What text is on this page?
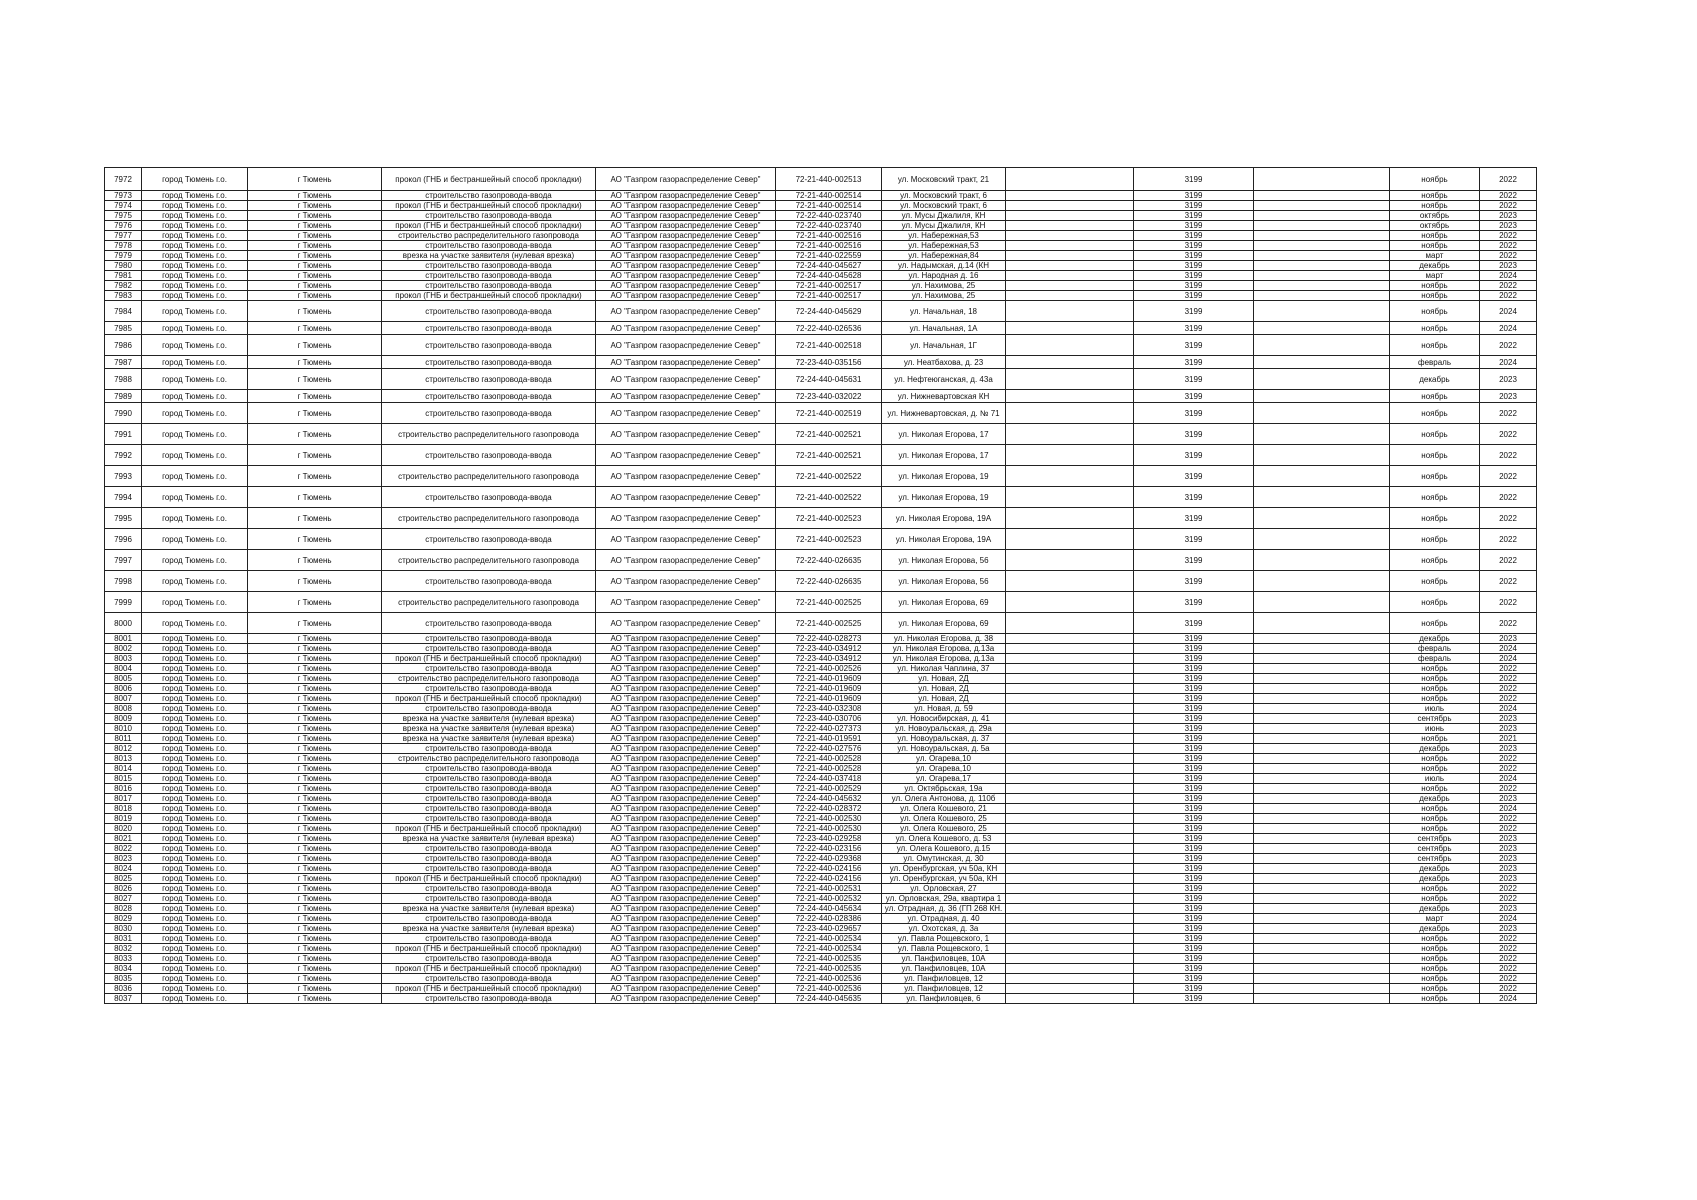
7972	город Тюмень г.о.	г Тюмень	прокол (ГНБ и бестраншейный способ прокладки)	АО "Газпром газораспределение Север"	72-21-440-002513	ул. Московский тракт, 21		3199		ноябрь	2022
7973	город Тюмень г.о.	г Тюмень	строительство газопровода-ввода	АО "Газпром газораспределение Север"	72-21-440-002514	ул. Московский тракт, 6		3199		ноябрь	2022
7974	город Тюмень г.о.	г Тюмень	прокол (ГНБ и бестраншейный способ прокладки)	АО "Газпром газораспределение Север"	72-21-440-002514	ул. Московский тракт, 6		3199		ноябрь	2022
7975	город Тюмень г.о.	г Тюмень	строительство газопровода-ввода	АО "Газпром газораспределение Север"	72-22-440-023740	ул. Мусы Джалиля, КН		3199		октябрь	2023
7976	город Тюмень г.о.	г Тюмень	прокол (ГНБ и бестраншейный способ прокладки)	АО "Газпром газораспределение Север"	72-22-440-023740	ул. Мусы Джалиля, КН		3199		октябрь	2023
7977	город Тюмень г.о.	г Тюмень	строительство распределительного газопровода	АО "Газпром газораспределение Север"	72-21-440-002516	ул. Набережная,53		3199		ноябрь	2022
7978	город Тюмень г.о.	г Тюмень	строительство газопровода-ввода	АО "Газпром газораспределение Север"	72-21-440-002516	ул. Набережная,53		3199		ноябрь	2022
7979	город Тюмень г.о.	г Тюмень	врезка на участке заявителя (нулевая врезка)	АО "Газпром газораспределение Север"	72-21-440-022559	ул. Набережная,84		3199		март	2022
7980	город Тюмень г.о.	г Тюмень	строительство газопровода-ввода	АО "Газпром газораспределение Север"	72-24-440-045627	ул. Надымская, д.14 (КН		3199		декабрь	2023
7981	город Тюмень г.о.	г Тюмень	строительство газопровода-ввода	АО "Газпром газораспределение Север"	72-24-440-045628	ул. Народная д. 16		3199		март	2024
7982	город Тюмень г.о.	г Тюмень	строительство газопровода-ввода	АО "Газпром газораспределение Север"	72-21-440-002517	ул. Нахимова, 25		3199		ноябрь	2022
7983	город Тюмень г.о.	г Тюмень	прокол (ГНБ и бестраншейный способ прокладки)	АО "Газпром газораспределение Север"	72-21-440-002517	ул. Нахимова, 25		3199		ноябрь	2022
7984	город Тюмень г.о.	г Тюмень	строительство газопровода-ввода	АО "Газпром газораспределение Север"	72-24-440-045629	ул. Начальная, 18		3199		ноябрь	2024
7985	город Тюмень г.о.	г Тюмень	строительство газопровода-ввода	АО "Газпром газораспределение Север"	72-22-440-026536	ул. Начальная, 1А		3199		ноябрь	2024
7986	город Тюмень г.о.	г Тюмень	строительство газопровода-ввода	АО "Газпром газораспределение Север"	72-21-440-002518	ул. Начальная, 1Г		3199		ноябрь	2022
7987	город Тюмень г.о.	г Тюмень	строительство газопровода-ввода	АО "Газпром газораспределение Север"	72-23-440-035156	ул. Неатбахова, д. 23		3199		февраль	2024
7988	город Тюмень г.о.	г Тюмень	строительство газопровода-ввода	АО "Газпром газораспределение Север"	72-24-440-045631	ул. Нефтеюганская, д. 43а		3199		декабрь	2023
7989	город Тюмень г.о.	г Тюмень	строительство газопровода-ввода	АО "Газпром газораспределение Север"	72-23-440-032022	ул. Нижневартовская КН		3199		ноябрь	2023
7990	город Тюмень г.о.	г Тюмень	строительство газопровода-ввода	АО "Газпром газораспределение Север"	72-21-440-002519	ул. Нижневартовская, д. № 71		3199		ноябрь	2022
7991	город Тюмень г.о.	г Тюмень	строительство распределительного газопровода	АО "Газпром газораспределение Север"	72-21-440-002521	ул. Николая Егорова, 17		3199		ноябрь	2022
7992	город Тюмень г.о.	г Тюмень	строительство газопровода-ввода	АО "Газпром газораспределение Север"	72-21-440-002521	ул. Николая Егорова, 17		3199		ноябрь	2022
7993	город Тюмень г.о.	г Тюмень	строительство распределительного газопровода	АО "Газпром газораспределение Север"	72-21-440-002522	ул. Николая Егорова, 19		3199		ноябрь	2022
7994	город Тюмень г.о.	г Тюмень	строительство газопровода-ввода	АО "Газпром газораспределение Север"	72-21-440-002522	ул. Николая Егорова, 19		3199		ноябрь	2022
7995	город Тюмень г.о.	г Тюмень	строительство распределительного газопровода	АО "Газпром газораспределение Север"	72-21-440-002523	ул. Николая Егорова, 19А		3199		ноябрь	2022
7996	город Тюмень г.о.	г Тюмень	строительство газопровода-ввода	АО "Газпром газораспределение Север"	72-21-440-002523	ул. Николая Егорова, 19А		3199		ноябрь	2022
7997	город Тюмень г.о.	г Тюмень	строительство распределительного газопровода	АО "Газпром газораспределение Север"	72-22-440-026635	ул. Николая Егорова, 56		3199		ноябрь	2022
7998	город Тюмень г.о.	г Тюмень	строительство газопровода-ввода	АО "Газпром газораспределение Север"	72-22-440-026635	ул. Николая Егорова, 56		3199		ноябрь	2022
7999	город Тюмень г.о.	г Тюмень	строительство распределительного газопровода	АО "Газпром газораспределение Север"	72-21-440-002525	ул. Николая Егорова, 69		3199		ноябрь	2022
8000	город Тюмень г.о.	г Тюмень	строительство газопровода-ввода	АО "Газпром газораспределение Север"	72-21-440-002525	ул. Николая Егорова, 69		3199		ноябрь	2022
8001	город Тюмень г.о.	г Тюмень	строительство газопровода-ввода	АО "Газпром газораспределение Север"	72-22-440-028273	ул. Николая Егорова, д. 38		3199		декабрь	2023
8002	город Тюмень г.о.	г Тюмень	строительство газопровода-ввода	АО "Газпром газораспределение Север"	72-23-440-034912	ул. Николая Егорова, д.13а		3199		февраль	2024
8003	город Тюмень г.о.	г Тюмень	прокол (ГНБ и бестраншейный способ прокладки)	АО "Газпром газораспределение Север"	72-23-440-034912	ул. Николая Егорова, д.13а		3199		февраль	2024
8004	город Тюмень г.о.	г Тюмень	строительство газопровода-ввода	АО "Газпром газораспределение Север"	72-21-440-002526	ул. Николая Чаплина, 37		3199		ноябрь	2022
8005	город Тюмень г.о.	г Тюмень	строительство распределительного газопровода	АО "Газпром газораспределение Север"	72-21-440-019609	ул. Новая, 2Д		3199		ноябрь	2022
8006	город Тюмень г.о.	г Тюмень	строительство газопровода-ввода	АО "Газпром газораспределение Север"	72-21-440-019609	ул. Новая, 2Д		3199		ноябрь	2022
8007	город Тюмень г.о.	г Тюмень	прокол (ГНБ и бестраншейный способ прокладки)	АО "Газпром газораспределение Север"	72-21-440-019609	ул. Новая, 2Д		3199		ноябрь	2022
8008	город Тюмень г.о.	г Тюмень	строительство газопровода-ввода	АО "Газпром газораспределение Север"	72-23-440-032308	ул. Новая, д. 59		3199		июль	2024
8009	город Тюмень г.о.	г Тюмень	врезка на участке заявителя (нулевая врезка)	АО "Газпром газораспределение Север"	72-23-440-030706	ул. Новосибирская, д. 41		3199		сентябрь	2023
8010	город Тюмень г.о.	г Тюмень	врезка на участке заявителя (нулевая врезка)	АО "Газпром газораспределение Север"	72-22-440-027373	ул. Новоуральская, д. 29а		3199		июнь	2023
8011	город Тюмень г.о.	г Тюмень	врезка на участке заявителя (нулевая врезка)	АО "Газпром газораспределение Север"	72-21-440-019591	ул. Новоуральская, д. 37		3199		ноябрь	2021
8012	город Тюмень г.о.	г Тюмень	строительство газопровода-ввода	АО "Газпром газораспределение Север"	72-22-440-027576	ул. Новоуральская, д. 5а		3199		декабрь	2023
8013	город Тюмень г.о.	г Тюмень	строительство распределительного газопровода	АО "Газпром газораспределение Север"	72-21-440-002528	ул. Огарева,10		3199		ноябрь	2022
8014	город Тюмень г.о.	г Тюмень	строительство газопровода-ввода	АО "Газпром газораспределение Север"	72-21-440-002528	ул. Огарева,10		3199		ноябрь	2022
8015	город Тюмень г.о.	г Тюмень	строительство газопровода-ввода	АО "Газпром газораспределение Север"	72-24-440-037418	ул. Огарева,17		3199		июль	2024
8016	город Тюмень г.о.	г Тюмень	строительство газопровода-ввода	АО "Газпром газораспределение Север"	72-21-440-002529	ул. Октябрьская, 19а		3199		ноябрь	2022
8017	город Тюмень г.о.	г Тюмень	строительство газопровода-ввода	АО "Газпром газораспределение Север"	72-24-440-045632	ул. Олега Антонова, д. 110б		3199		декабрь	2023
8018	город Тюмень г.о.	г Тюмень	строительство газопровода-ввода	АО "Газпром газораспределение Север"	72-22-440-028372	ул. Олега Кошевого, 21		3199		ноябрь	2024
8019	город Тюмень г.о.	г Тюмень	строительство газопровода-ввода	АО "Газпром газораспределение Север"	72-21-440-002530	ул. Олега Кошевого, 25		3199		ноябрь	2022
8020	город Тюмень г.о.	г Тюмень	прокол (ГНБ и бестраншейный способ прокладки)	АО "Газпром газораспределение Север"	72-21-440-002530	ул. Олега Кошевого, 25		3199		ноябрь	2022
8021	город Тюмень г.о.	г Тюмень	врезка на участке заявителя (нулевая врезка)	АО "Газпром газораспределение Север"	72-23-440-029258	ул. Олега Кошевого, д. 53		3199		сентябрь	2023
8022	город Тюмень г.о.	г Тюмень	строительство газопровода-ввода	АО "Газпром газораспределение Север"	72-22-440-023156	ул. Олега Кошевого, д.15		3199		сентябрь	2023
8023	город Тюмень г.о.	г Тюмень	строительство газопровода-ввода	АО "Газпром газораспределение Север"	72-22-440-029368	ул. Омутинская, д. 30		3199		сентябрь	2023
8024	город Тюмень г.о.	г Тюмень	строительство газопровода-ввода	АО "Газпром газораспределение Север"	72-22-440-024156	ул. Оренбургская, уч 50а, КН		3199		декабрь	2023
8025	город Тюмень г.о.	г Тюмень	прокол (ГНБ и бестраншейный способ прокладки)	АО "Газпром газораспределение Север"	72-22-440-024156	ул. Оренбургская, уч 50а, КН		3199		декабрь	2023
8026	город Тюмень г.о.	г Тюмень	строительство газопровода-ввода	АО "Газпром газораспределение Север"	72-21-440-002531	ул. Орловская, 27		3199		ноябрь	2022
8027	город Тюмень г.о.	г Тюмень	строительство газопровода-ввода	АО "Газпром газораспределение Север"	72-21-440-002532	ул. Орловская, 29а, квартира 1		3199		ноябрь	2022
8028	город Тюмень г.о.	г Тюмень	врезка на участке заявителя (нулевая врезка)	АО "Газпром газораспределение Север"	72-24-440-045634	ул. Отрадная, д. 36 (ГП 268 КН.		3199		декабрь	2023
8029	город Тюмень г.о.	г Тюмень	строительство газопровода-ввода	АО "Газпром газораспределение Север"	72-22-440-028386	ул. Отрадная, д. 40		3199		март	2024
8030	город Тюмень г.о.	г Тюмень	врезка на участке заявителя (нулевая врезка)	АО "Газпром газораспределение Север"	72-23-440-029657	ул. Охотская, д. 3а		3199		декабрь	2023
8031	город Тюмень г.о.	г Тюмень	строительство газопровода-ввода	АО "Газпром газораспределение Север"	72-21-440-002534	ул. Павла Рощевского, 1		3199		ноябрь	2022
8032	город Тюмень г.о.	г Тюмень	прокол (ГНБ и бестраншейный способ прокладки)	АО "Газпром газораспределение Север"	72-21-440-002534	ул. Павла Рощевского, 1		3199		ноябрь	2022
8033	город Тюмень г.о.	г Тюмень	строительство газопровода-ввода	АО "Газпром газораспределение Север"	72-21-440-002535	ул. Панфиловцев, 10А		3199		ноябрь	2022
8034	город Тюмень г.о.	г Тюмень	прокол (ГНБ и бестраншейный способ прокладки)	АО "Газпром газораспределение Север"	72-21-440-002535	ул. Панфиловцев, 10А		3199		ноябрь	2022
8035	город Тюмень г.о.	г Тюмень	строительство газопровода-ввода	АО "Газпром газораспределение Север"	72-21-440-002536	ул. Панфиловцев, 12		3199		ноябрь	2022
8036	город Тюмень г.о.	г Тюмень	прокол (ГНБ и бестраншейный способ прокладки)	АО "Газпром газораспределение Север"	72-21-440-002536	ул. Панфиловцев, 12		3199		ноябрь	2022
8037	город Тюмень г.о.	г Тюмень	строительство газопровода-ввода	АО "Газпром газораспределение Север"	72-24-440-045635	ул. Панфиловцев, 6		3199		ноябрь	2024
